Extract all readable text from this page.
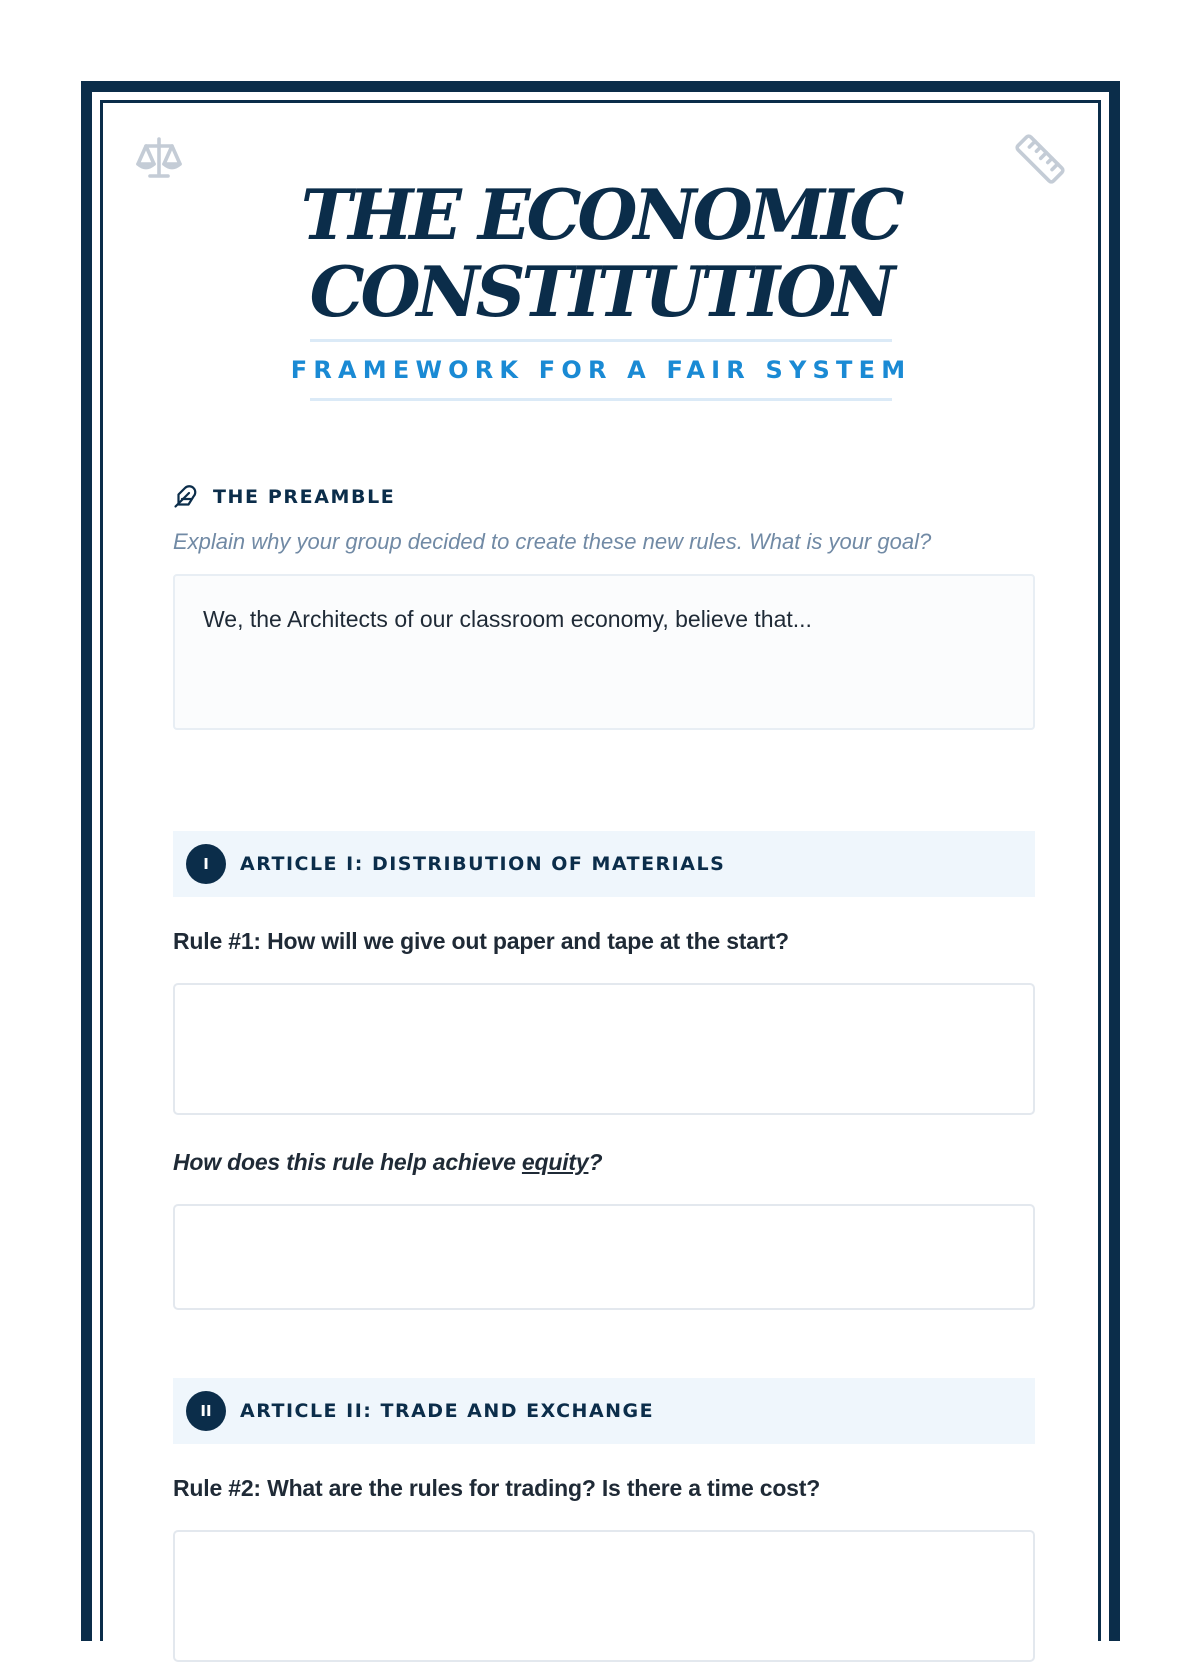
THE ECONOMIC
CONSTITUTION
FRAMEWORK FOR A FAIR SYSTEM
THE PREAMBLE

Explain why your group decided to create these new rules. What is your goal?

We, the Architects of our classroom economy, believe that...
I	ARTICLE I: DISTRIBUTION OF MATERIALS
Rule #1: How will we give out paper and tape at the start?
How does this rule help achieve equity?
II	ARTICLE II: TRADE AND EXCHANGE
Rule #2: What are the rules for trading? Is there a time cost?
